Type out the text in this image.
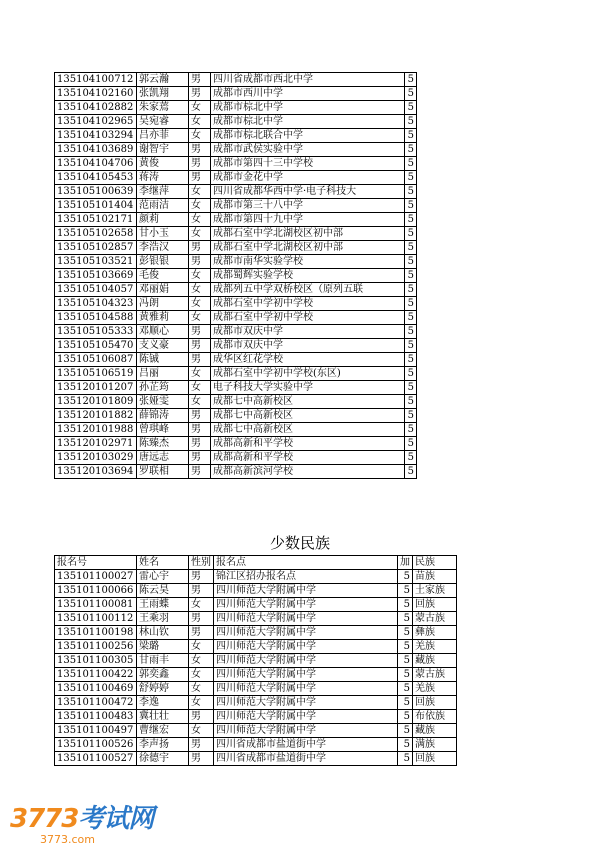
135104100712	郭云瀚	男	四川省成都市西北中学	5
135104102160	张凯翔	男	成都市西川中学	5
135104102882	朱家蔫	女	成都市棕北中学	5
135104102965	吴宛睿	女	成都市棕北中学	5
135104103294	吕亦菲	女	成都市棕北联合中学	5
135104103689	谢智宇	男	成都市武侯实验中学	5
135104104706	黄俊	男	成都市第四十三中学校	5
135104105453	蒋涛	男	成都市金花中学	5
135105100639	李继萍	女	四川省成都华西中学·电子科技大	5
135105101404	范雨洁	女	成都市第三十八中学	5
135105102171	颜莉	女	成都市第四十九中学	5
135105102658	甘小玉	女	成都石室中学北湖校区初中部	5
135105102857	李浩汉	男	成都石室中学北湖校区初中部	5
135105103521	彭银银	男	成都市南华实验学校	5
135105103669	毛俊	女	成都蜀辉实验学校	5
135105104057	邓丽娟	女	成都列五中学双桥校区（原列五联	5
135105104323	冯朗	女	成都石室中学初中学校	5
135105104588	黄雅莉	女	成都石室中学初中学校	5
135105105333	邓顺心	男	成都市双庆中学	5
135105105470	支义豪	男	成都市双庆中学	5
135105106087	陈铖	男	成华区红花学校	5
135105106519	吕丽	女	成都石室中学初中学校(东区)	5
135120101207	孙芷筠	女	电子科技大学实验中学	5
135120101809	张娅雯	女	成都七中高新校区	5
135120101882	薛锦涛	男	成都七中高新校区	5
135120101988	曾琪峰	男	成都七中高新校区	5
135120102971	陈臻杰	男	成都高新和平学校	5
135120103029	唐远志	男	成都高新和平学校	5
135120103694	罗联相	男	成都高新滨河学校	5
少数民族
报名号	姓名	性别	报名点	加	民族
135101100027	雷心宇	男	锦江区招办报名点	5	苗族
135101100066	陈云昊	男	四川师范大学附属中学	5	土家族
135101100081	王雨蝶	女	四川师范大学附属中学	5	回族
135101100112	王乘羽	男	四川师范大学附属中学	5	蒙古族
135101100198	林山钦	男	四川师范大学附属中学	5	彝族
135101100256	梁璐	女	四川师范大学附属中学	5	羌族
135101100305	甘雨丰	女	四川师范大学附属中学	5	藏族
135101100422	郭奕鑫	女	四川师范大学附属中学	5	蒙古族
135101100469	舒婷婷	女	四川师范大学附属中学	5	羌族
135101100472	李逸	女	四川师范大学附属中学	5	回族
135101100483	冀壮壮	男	四川师范大学附属中学	5	布依族
135101100497	曹继宏	女	四川师范大学附属中学	5	藏族
135101100526	李声扬	男	四川省成都市盐道街中学	5	满族
135101100527	徐德宇	男	四川省成都市盐道街中学	5	回族
3773考试网
3773.com
